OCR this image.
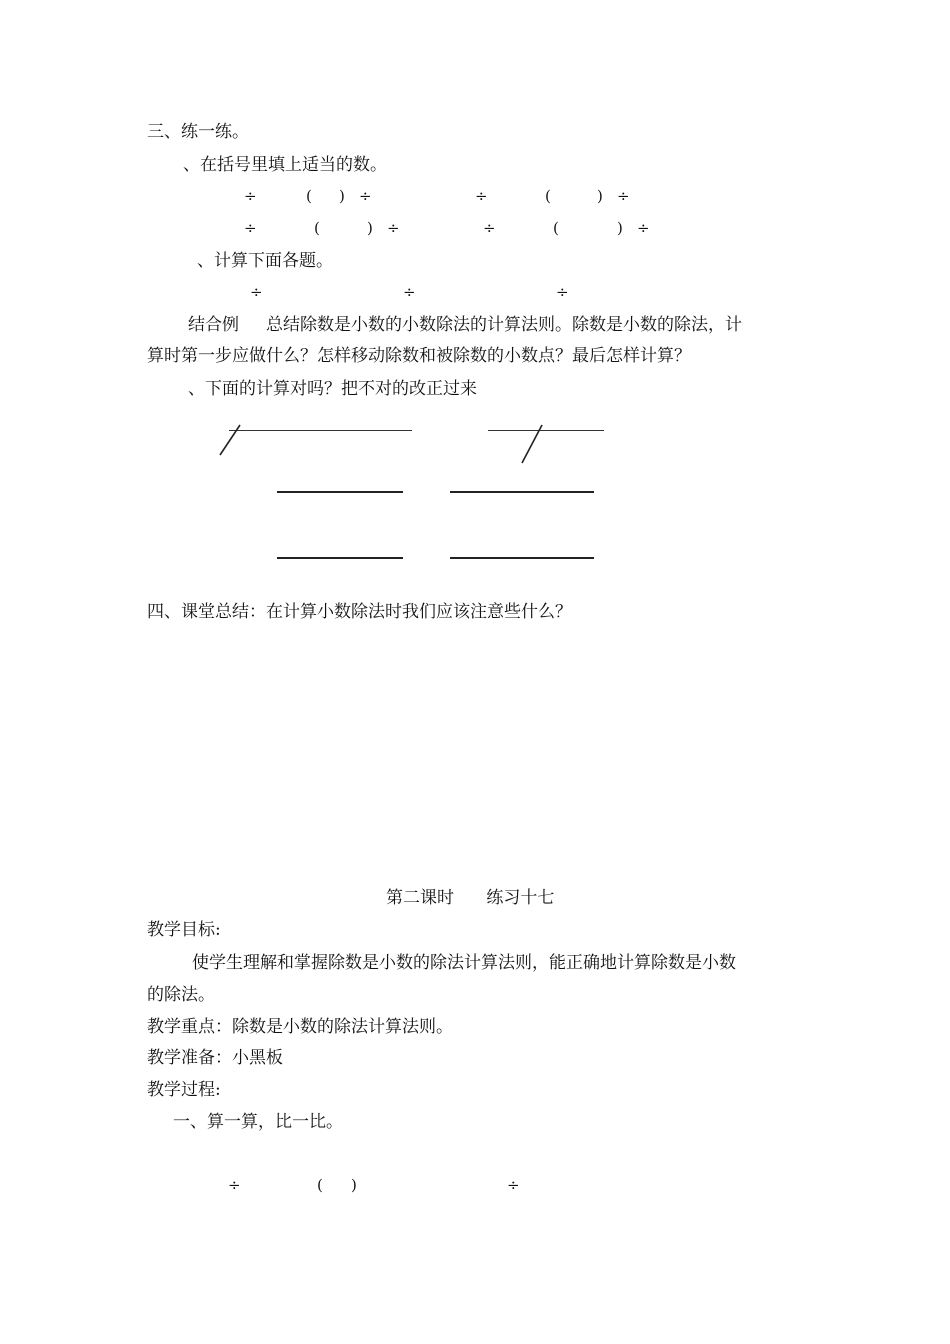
三、练一练。
、在括号里填上适当的数。
÷	( ) ÷	÷	(	) ÷
÷	(	) ÷	÷	(	) ÷
、计算下面各题。
÷	÷	÷
结合例     总结除数是小数的小数除法的计算法则。除数是小数的除法，计
算时第一步应做什么？怎样移动除数和被除数的小数点？最后怎样计算？
、下面的计算对吗？把不对的改正过来
四、课堂总结：在计算小数除法时我们应该注意些什么？
第二课时      练习十七
教学目标:
使学生理解和掌握除数是小数的除法计算法则，能正确地计算除数是小数
的除法。
教学重点：除数是小数的除法计算法则。
教学准备：小黑板
教学过程:
一、算一算，比一比。
÷	( )	÷
